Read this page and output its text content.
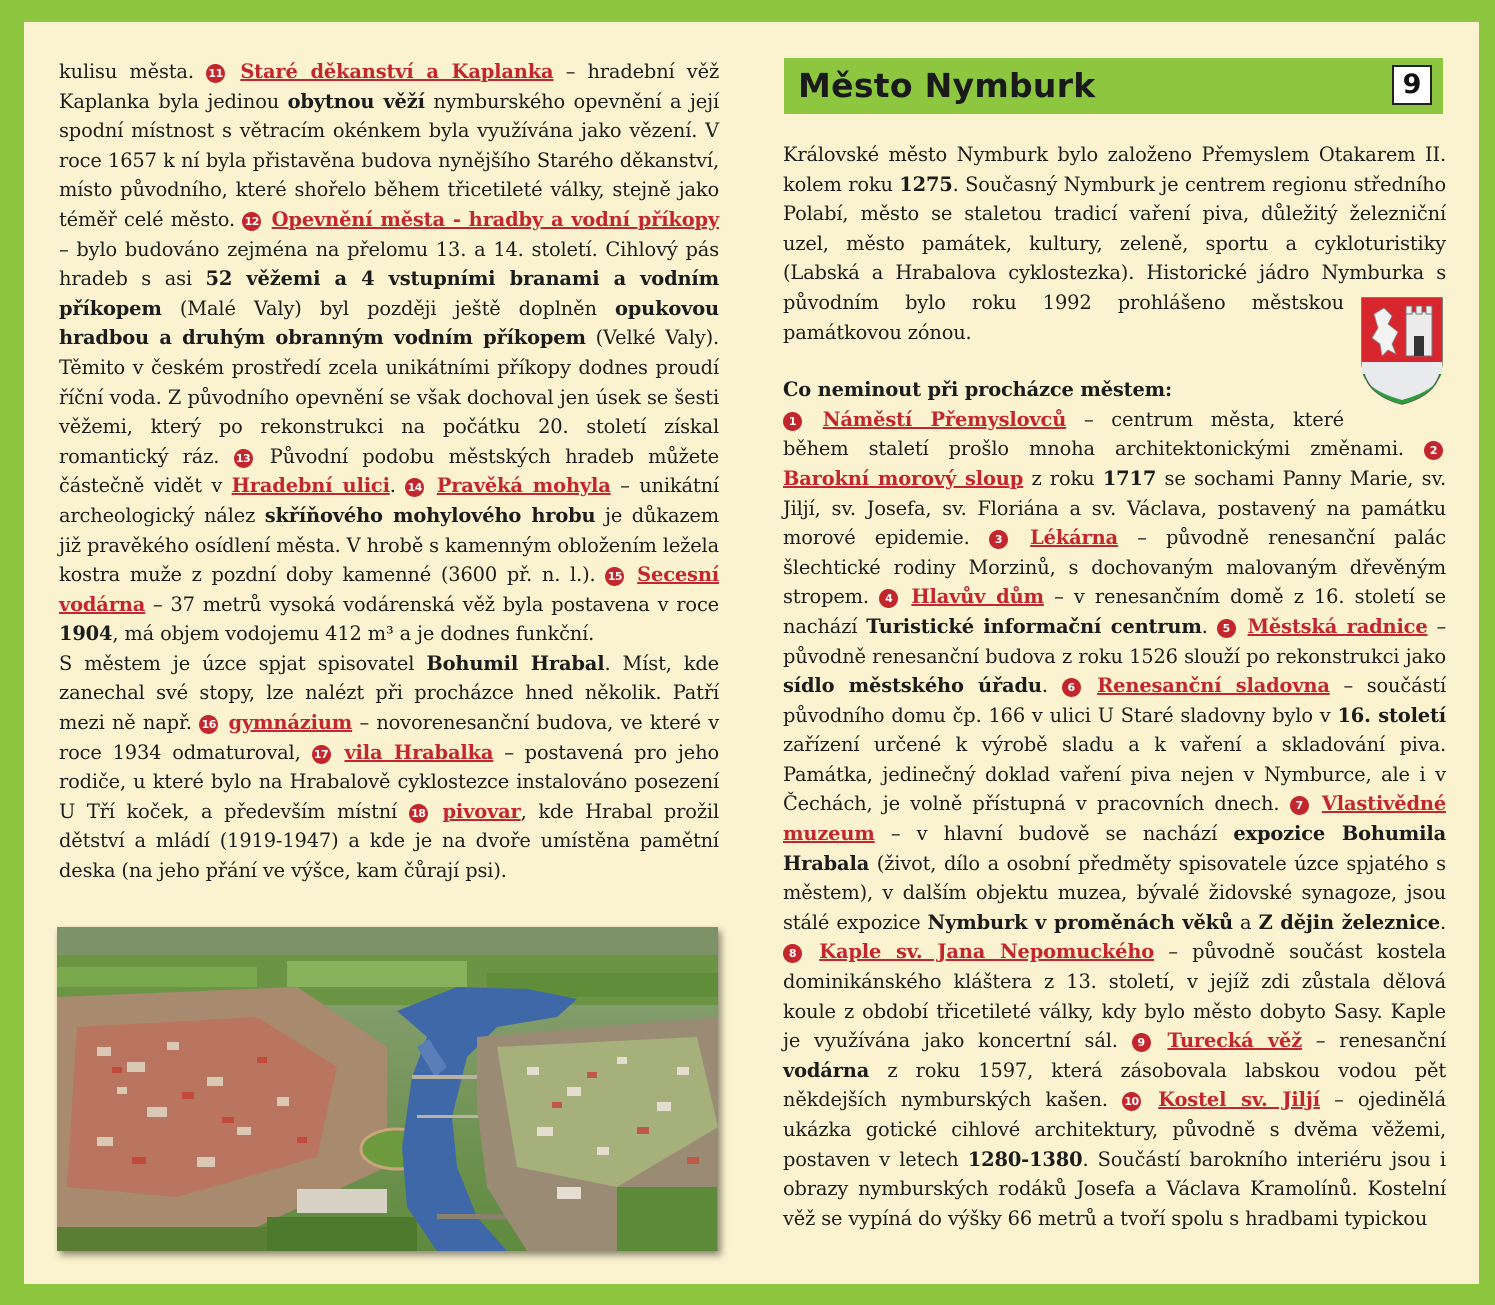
kulisu města. 11 Staré děkanství a Kaplanka – hradební věž Kaplanka byla jedinou obytnou věží nymburského opevnění a její spodní místnost s větracím okénkem byla využívána jako vězení. V roce 1657 k ní byla přistavěna budova nynějšího Starého děkanství, místo původního, které shořelo během třicetileté války, stejně jako téměř celé město. 12 Opevnění města - hradby a vodní příkopy – bylo budováno zejména na přelomu 13. a 14. století. Cihlový pás hradeb s asi 52 věžemi a 4 vstupními branami a vodním příkopem (Malé Valy) byl později ještě doplněn opukovou hradbou a druhým obranným vodním příkopem (Velké Valy). Těmito v českém prostředí zcela unikátními příkopy dodnes proudí říční voda. Z původního opevnění se však dochoval jen úsek se šesti věžemi, který po rekonstrukci na počátku 20. století získal romantický ráz. 13 Původní podobu městských hradeb můžete částečně vidět v Hradební ulici. 14 Pravěká mohyla – unikátní archeologický nález skříňového mohylového hrobu je důkazem již pravěkého osídlení města. V hrobě s kamenným obložením ležela kostra muže z pozdní doby kamenné (3600 př. n. l.). 15 Secesní vodárna – 37 metrů vysoká vodárenská věž byla postavena v roce 1904, má objem vodojemu 412 m³ a je dodnes funkční.

S městem je úzce spjat spisovatel Bohumil Hrabal. Míst, kde zanechal své stopy, lze nalézt při procházce hned několik. Patří mezi ně např. 16 gymnázium – novorenesanční budova, ve které v roce 1934 odmaturoval, 17 vila Hrabalka – postavená pro jeho rodiče, u které bylo na Hrabalově cyklostezce instalováno posezení U Tří koček, a především místní 18 pivovar, kde Hrabal prožil dětství a mládí (1919-1947) a kde je na dvoře umístěna pamětní deska (na jeho přání ve výšce, kam čůrají psi).

Město Nymburk	9

Královské město Nymburk bylo založeno Přemyslem Otakarem II. kolem roku 1275. Současný Nymburk je centrem regionu středního Polabí, město se staletou tradicí vaření piva, důležitý železniční uzel, město památek, kultury, zeleně, sportu a cykloturistiky (Labská a Hrabalova cyklostezka). Historické jádro Nymburka s původním
bylo roku 1992 prohlášeno městskou památkovou zónou.

Co neminout při procházce městem:

1 Náměstí Přemyslovců – centrum města, které během staletí prošlo mnoha architektonickými změnami. 2 Barokní morový sloup z roku 1717 se sochami Panny Marie, sv. Jiljí, sv. Josefa, sv. Floriána a sv. Václava, postavený na památku morové epidemie. 3 Lékárna – původně renesanční palác šlechtické rodiny Morzinů, s dochovaným malovaným dřevěným stropem. 4 Hlavův dům – v renesančním domě z 16. století se nachází Turistické informační centrum. 5 Městská radnice – původně renesanční budova z roku 1526 slouží po rekonstrukci jako sídlo městského úřadu. 6 Renesanční sladovna – součástí původního domu čp. 166 v ulici U Staré sladovny bylo v 16. století zařízení určené k výrobě sladu a k vaření a skladování piva. Památka, jedinečný doklad vaření piva nejen v Nymburce, ale i v Čechách, je volně přístupná v pracovních dnech. 7 Vlastivědné muzeum – v hlavní budově se nachází expozice Bohumila Hrabala (život, dílo a osobní předměty spisovatele úzce spjatého s městem), v dalším objektu muzea, bývalé židovské synagoze, jsou stálé expozice Nymburk v proměnách věků a Z dějin železnice. 8 Kaple sv. Jana Nepomuckého – původně součást kostela dominikánského kláštera z 13. století, v jejíž zdi zůstala dělová koule z období třicetileté války, kdy bylo město dobyto Sasy. Kaple je využívána jako koncertní sál. 9 Turecká věž – renesanční vodárna z roku 1597, která zásobovala labskou vodou pět někdejších nymburských kašen. 10 Kostel sv. Jiljí – ojedinělá ukázka gotické cihlové architektury, původně s dvěma věžemi, postaven v letech 1280-1380. Součástí barokního interiéru jsou i obrazy nymburských rodáků Josefa a Václava Kramolínů. Kostelní věž se vypíná do výšky 66 metrů a tvoří spolu s hradbami typickou
